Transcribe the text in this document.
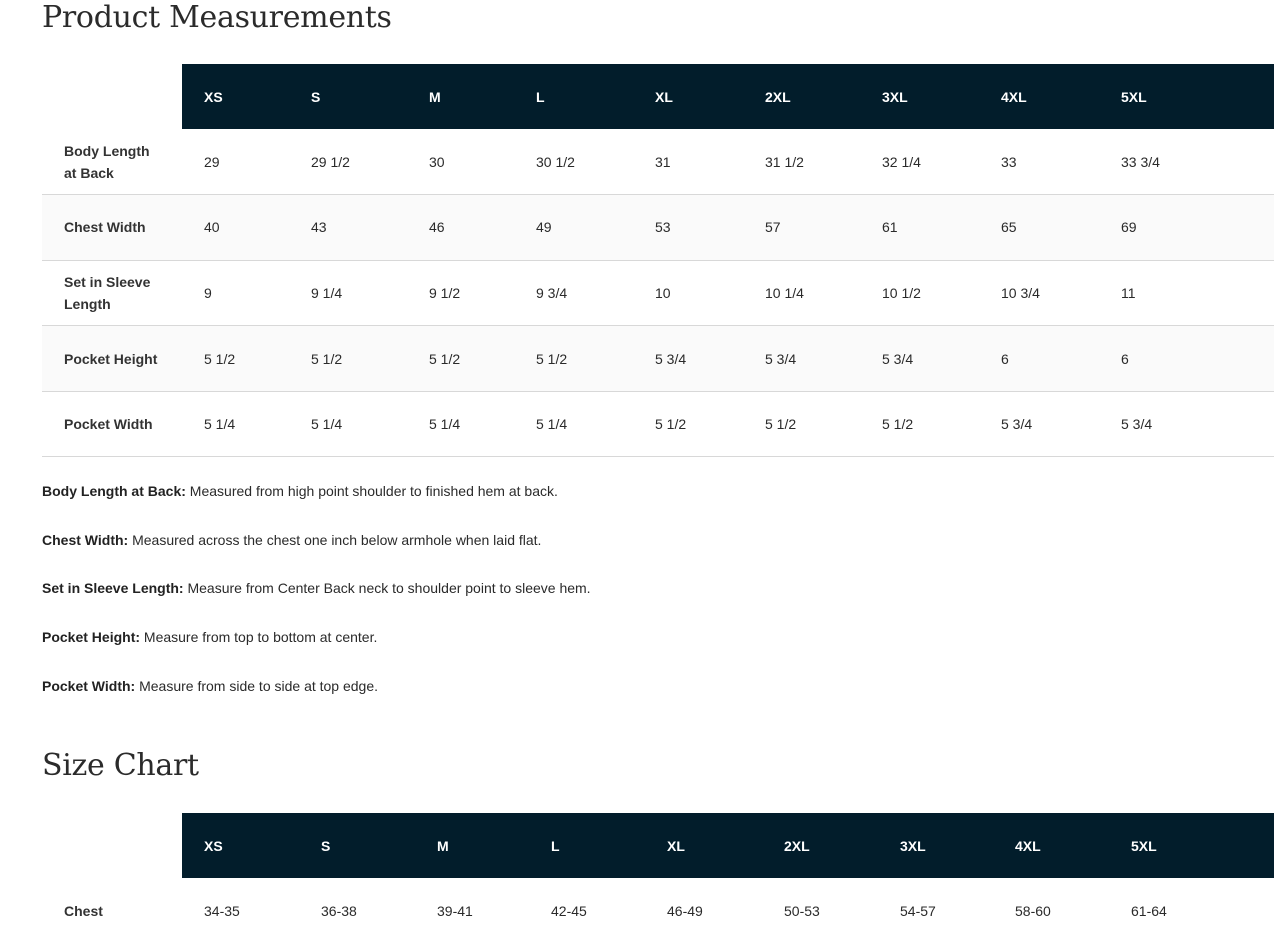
Product Measurements
	XS	S	M	L	XL	2XL	3XL	4XL	5XL
Body Length at Back	29	29 1/2	30	30 1/2	31	31 1/2	32 1/4	33	33 3/4
Chest Width	40	43	46	49	53	57	61	65	69
Set in Sleeve Length	9	9 1/4	9 1/2	9 3/4	10	10 1/4	10 1/2	10 3/4	11
Pocket Height	5 1/2	5 1/2	5 1/2	5 1/2	5 3/4	5 3/4	5 3/4	6	6
Pocket Width	5 1/4	5 1/4	5 1/4	5 1/4	5 1/2	5 1/2	5 1/2	5 3/4	5 3/4

Body Length at Back: Measured from high point shoulder to finished hem at back.

Chest Width: Measured across the chest one inch below armhole when laid flat.

Set in Sleeve Length: Measure from Center Back neck to shoulder point to sleeve hem.

Pocket Height: Measure from top to bottom at center.

Pocket Width: Measure from side to side at top edge.

Size Chart
	XS	S	M	L	XL	2XL	3XL	4XL	5XL
Chest	34-35	36-38	39-41	42-45	46-49	50-53	54-57	58-60	61-64
